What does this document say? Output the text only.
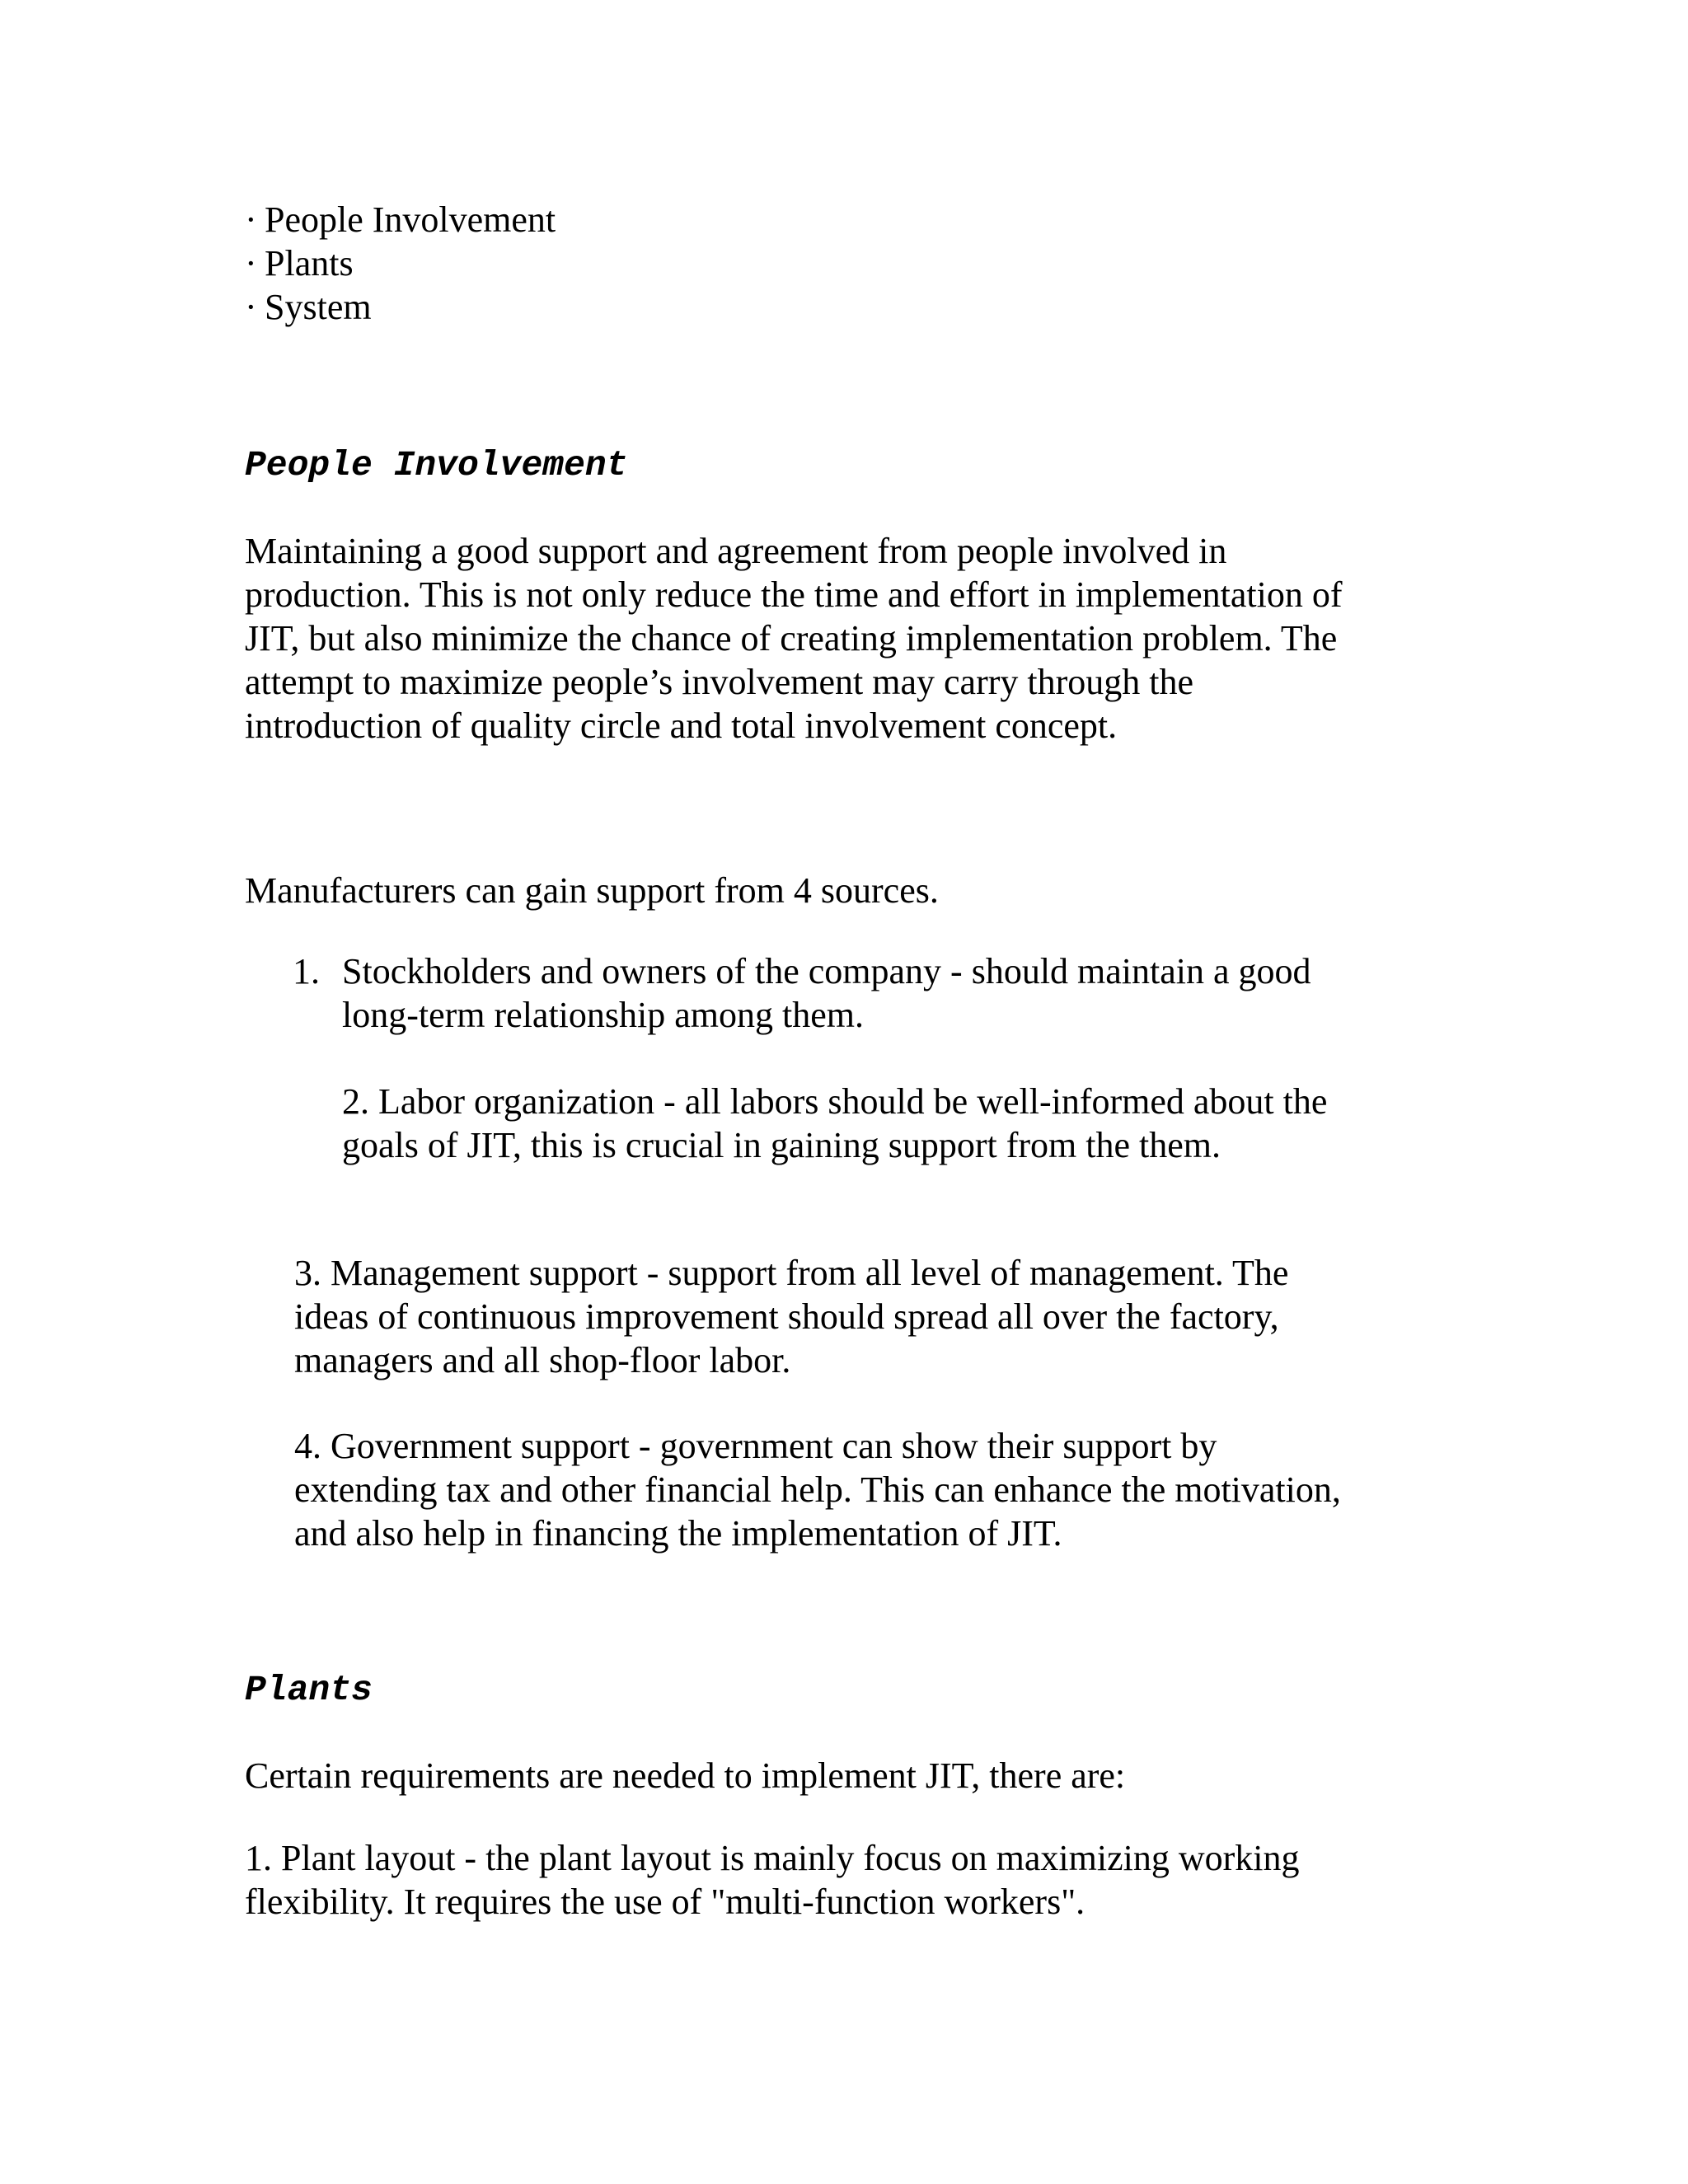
· People Involvement
· Plants
· System
People Involvement

Maintaining a good support and agreement from people involved in
production. This is not only reduce the time and effort in implementation of
JIT, but also minimize the chance of creating implementation problem. The
attempt to maximize people’s involvement may carry through the
introduction of quality circle and total involvement concept.

Manufacturers can gain support from 4 sources.

1. Stockholders and owners of the company - should maintain a good
long-term relationship among them.

2. Labor organization - all labors should be well-informed about the
goals of JIT, this is crucial in gaining support from the them.

3. Management support - support from all level of management. The
ideas of continuous improvement should spread all over the factory,
managers and all shop-floor labor.

4. Government support - government can show their support by
extending tax and other financial help. This can enhance the motivation,
and also help in financing the implementation of JIT.

Plants

Certain requirements are needed to implement JIT, there are:

1. Plant layout - the plant layout is mainly focus on maximizing working
flexibility. It requires the use of "multi-function workers".
